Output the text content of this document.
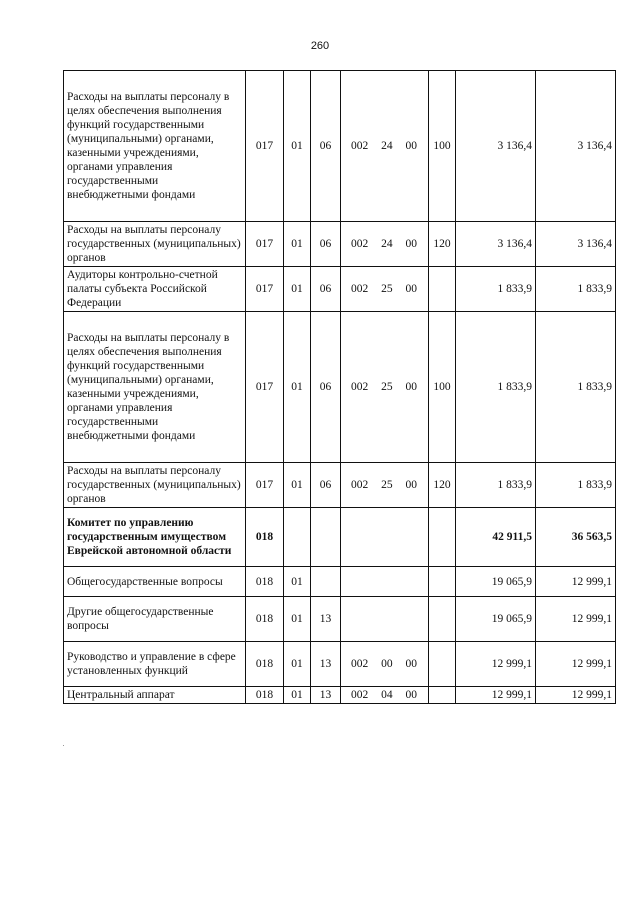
260
Расходы на выплаты персоналу в целях обеспечения выполнения функций государственными (муниципальными) органами, казенными учреждениями, органами управления государственными внебюджетными фондами	017	01	06	002 24 00	100	3 136,4	3 136,4
Расходы на выплаты персоналу государственных (муниципальных) органов	017	01	06	002 24 00	120	3 136,4	3 136,4
Аудиторы контрольно-счетной палаты субъекта Российской Федерации	017	01	06	002 25 00		1 833,9	1 833,9
Расходы на выплаты персоналу в целях обеспечения выполнения функций государственными (муниципальными) органами, казенными учреждениями, органами управления государственными внебюджетными фондами	017	01	06	002 25 00	100	1 833,9	1 833,9
Расходы на выплаты персоналу государственных (муниципальных) органов	017	01	06	002 25 00	120	1 833,9	1 833,9
Комитет по управлению государственным имуществом Еврейской автономной области	018					42 911,5	36 563,5
Общегосударственные вопросы	018	01				19 065,9	12 999,1
Другие общегосударственные вопросы	018	01	13			19 065,9	12 999,1
Руководство и управление в сфере установленных функций	018	01	13	002 00 00		12 999,1	12 999,1
Центральный аппарат	018	01	13	002 04 00		12 999,1	12 999,1
